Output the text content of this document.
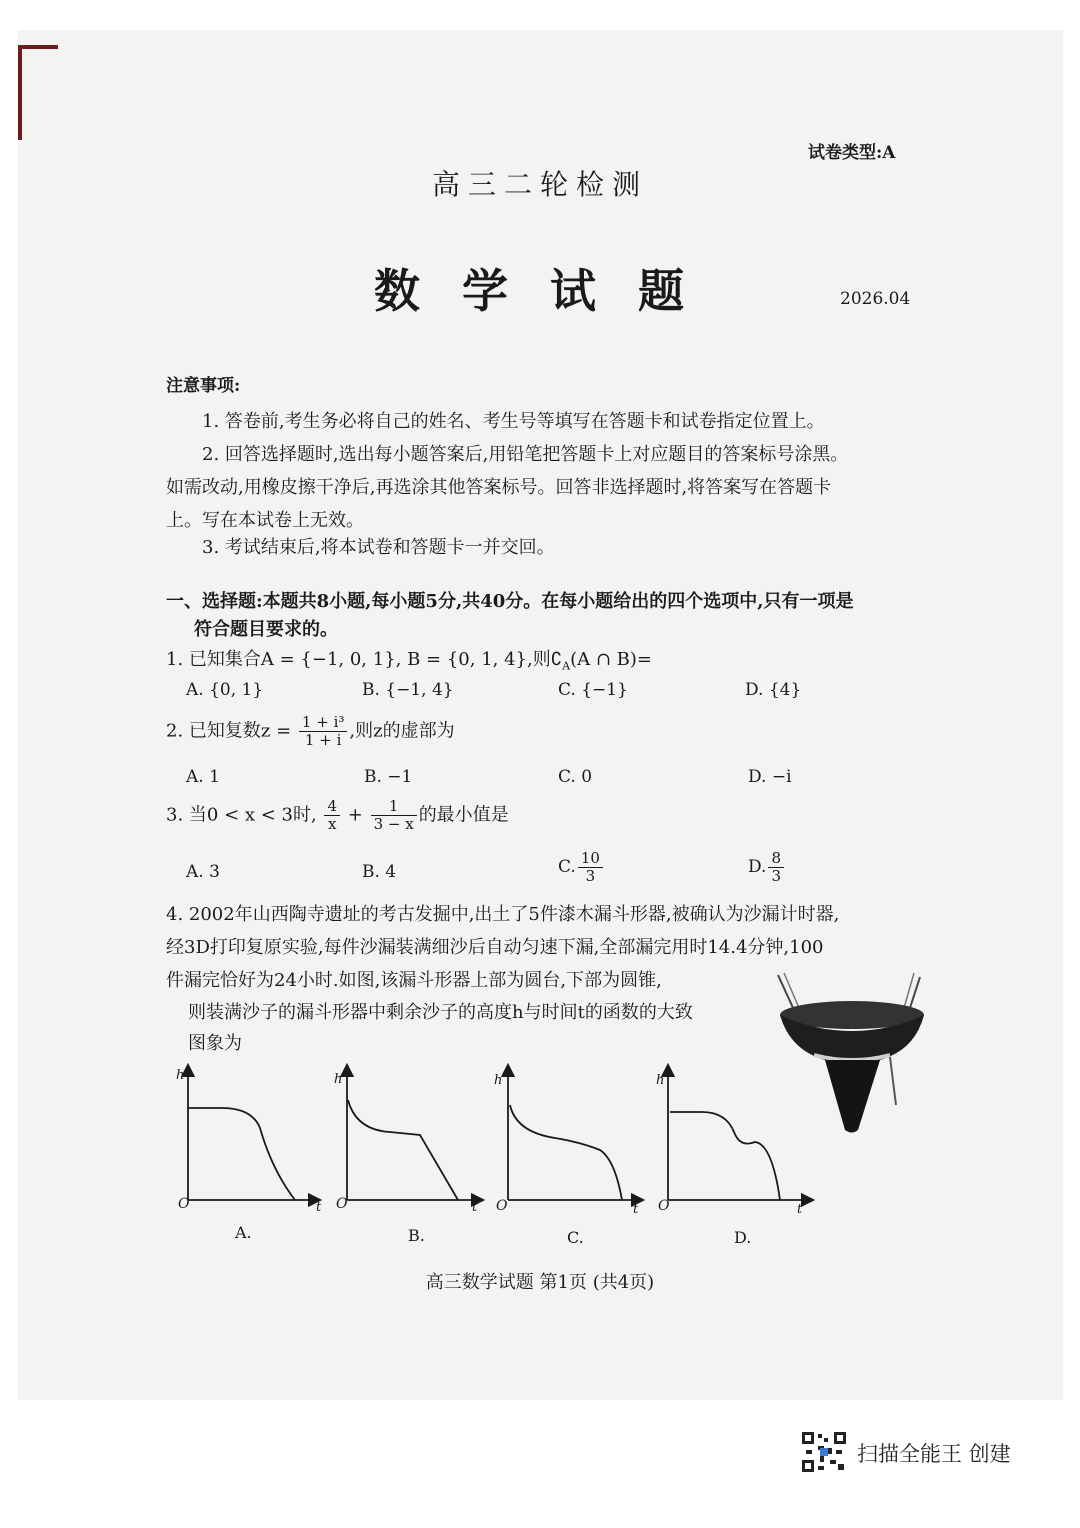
试卷类型:A
高三二轮检测
数学试题	2026.04
注意事项:
1. 答卷前,考生务必将自己的姓名、考生号等填写在答题卡和试卷指定位置上。
2. 回答选择题时,选出每小题答案后,用铅笔把答题卡上对应题目的答案标号涂黑。
如需改动,用橡皮擦干净后,再选涂其他答案标号。回答非选择题时,将答案写在答题卡
上。写在本试卷上无效。
3. 考试结束后,将本试卷和答题卡一并交回。
一、选择题:本题共8小题,每小题5分,共40分。在每小题给出的四个选项中,只有一项是
符合题目要求的。
1. 已知集合A = {−1, 0, 1}, B = {0, 1, 4},则$∁_A(A$ ∩ B)=
A. {0, 1}	B. {−1, 4}	C. {−1}	D. {4}
2. 已知复数$z = \frac{\text{1 + i³}}{1 + i}$ ,则z的虚部为
A. 1	B. −1	C. 0	D. −i
3. 当0 < x < 3时, $\frac{4}{x} + \frac{1}{3 - x}$ 的最小值是
A. 3	B. 4	C. $\frac{10}{3}$	D. $\frac{8}{3}$
4. 2002年山西陶寺遗址的考古发掘中,出土了5件漆木漏斗形器,被确认为沙漏计时器,
经3D打印复原实验,每件沙漏装满细沙后自动匀速下漏,全部漏完用时14.4分钟,100
件漏完恰好为24小时.如图,该漏斗形器上部为圆台,下部为圆锥,
则装满沙子的漏斗形器中剩余沙子的高度h与时间t的函数的大致
图象为
h
O	t
A.
h
O	t
B.
h
O	t
C.
h
O	t
D.
高三数学试题 第1页 (共4页)
扫描全能王 创建
